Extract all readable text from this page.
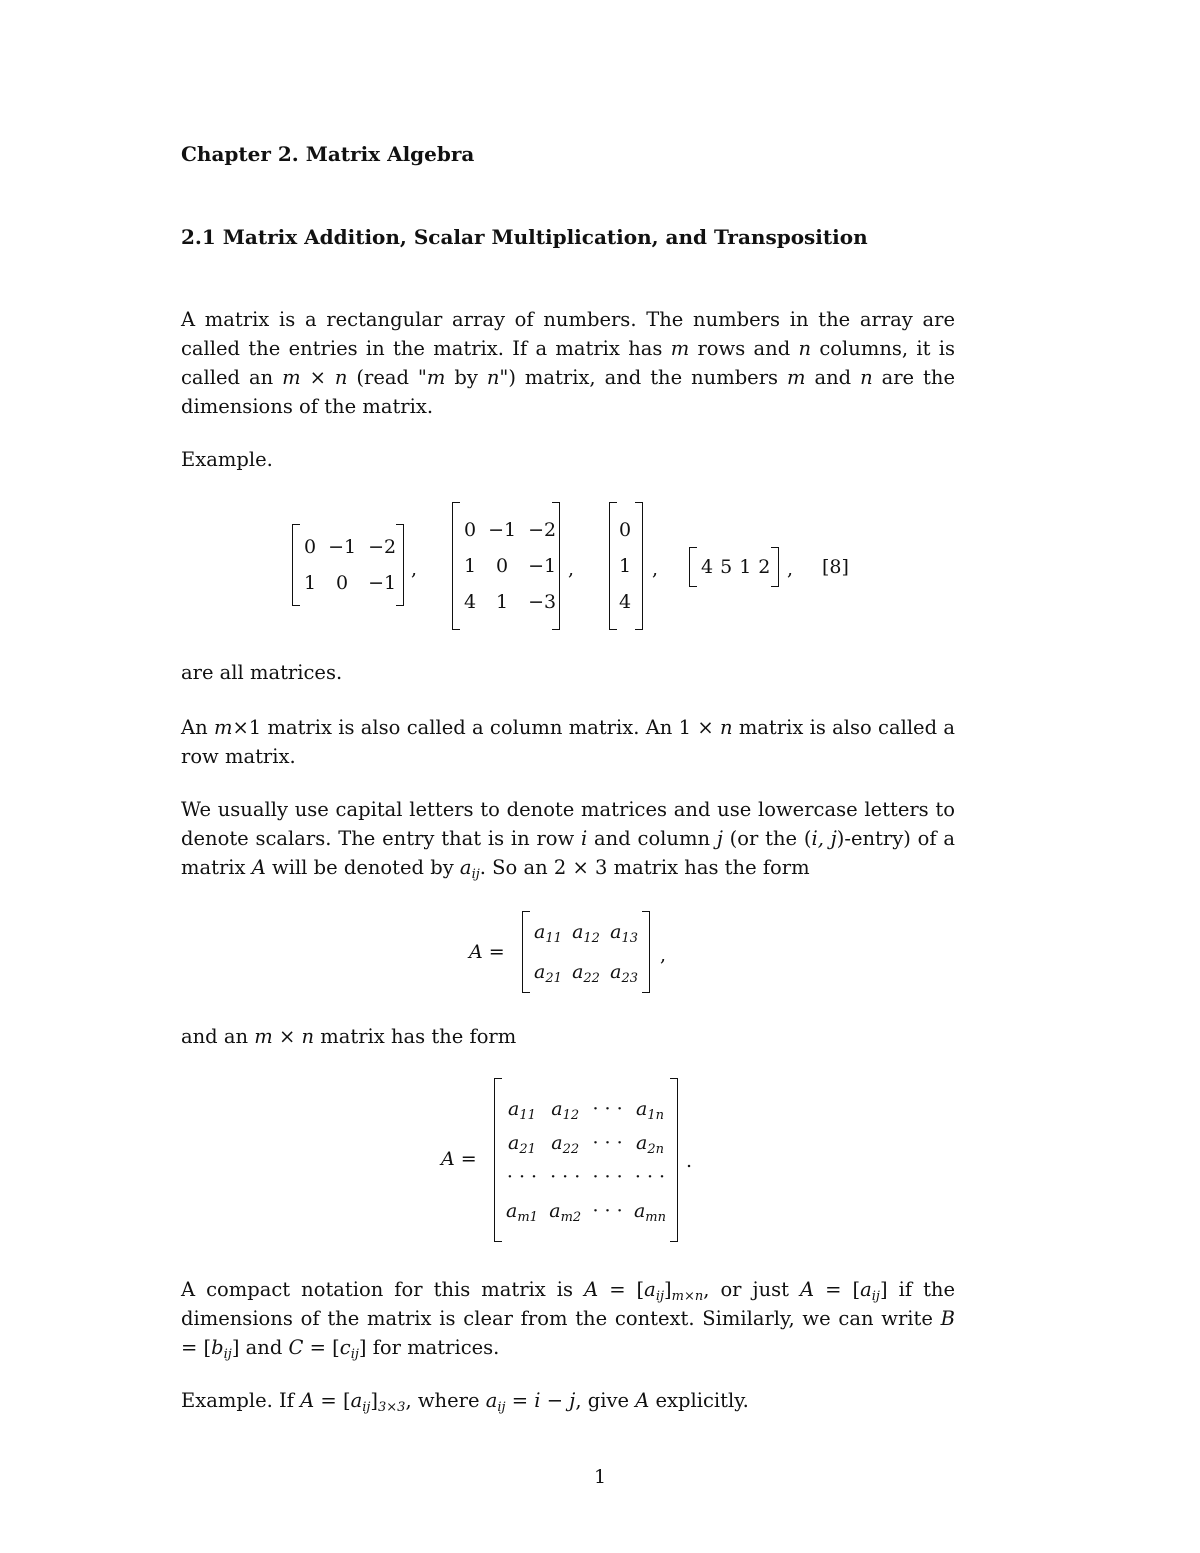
Chapter 2. Matrix Algebra
2.1 Matrix Addition, Scalar Multiplication, and Transposition
A matrix is a rectangular array of numbers. The numbers in the array are called the entries in the matrix. If a matrix has m rows and n columns, it is called an m × n (read "m by n") matrix, and the numbers m and n are the dimensions of the matrix.
Example.
are all matrices.
An m×1 matrix is also called a column matrix. An 1 × n matrix is also called a row matrix.
We usually use capital letters to denote matrices and use lowercase letters to denote scalars. The entry that is in row i and column j (or the (i, j)-entry) of a matrix A will be denoted by $a_{ij}$. So an 2 × 3 matrix has the form
and an m × n matrix has the form
A compact notation for this matrix is $A = [a_{ij}]_{m\times n}$, or just $A = [a_{ij}]$ if the dimensions of the matrix is clear from the context. Similarly, we can write $B = [b_{ij}]$ and $C = [c_{ij}]$ for matrices.
Example. If $A = [a_{ij}]_{3\times 3}$, where $a_{ij} = i - j$, give A explicitly.
0 −1 −2
1	0	−1
,
0 −1 −2
1	0	−1
4	1	−3
,
0
1
4
, 4 5 1 2 , [8]
A =
$a_{11}$ $a_{12}$ $a_{13}$
$a_{21}$ $a_{22}$ $a_{23}$
,
A =
$a_{11}$ $a_{12}$ · · · $a_{1n}$
$a_{21}$ $a_{22}$ · · · $a_{2n}$
· · · · · · · · · · · ·
$a_{m1}$ $a_{m2}$ · · · $a_{mn}$
.
1
